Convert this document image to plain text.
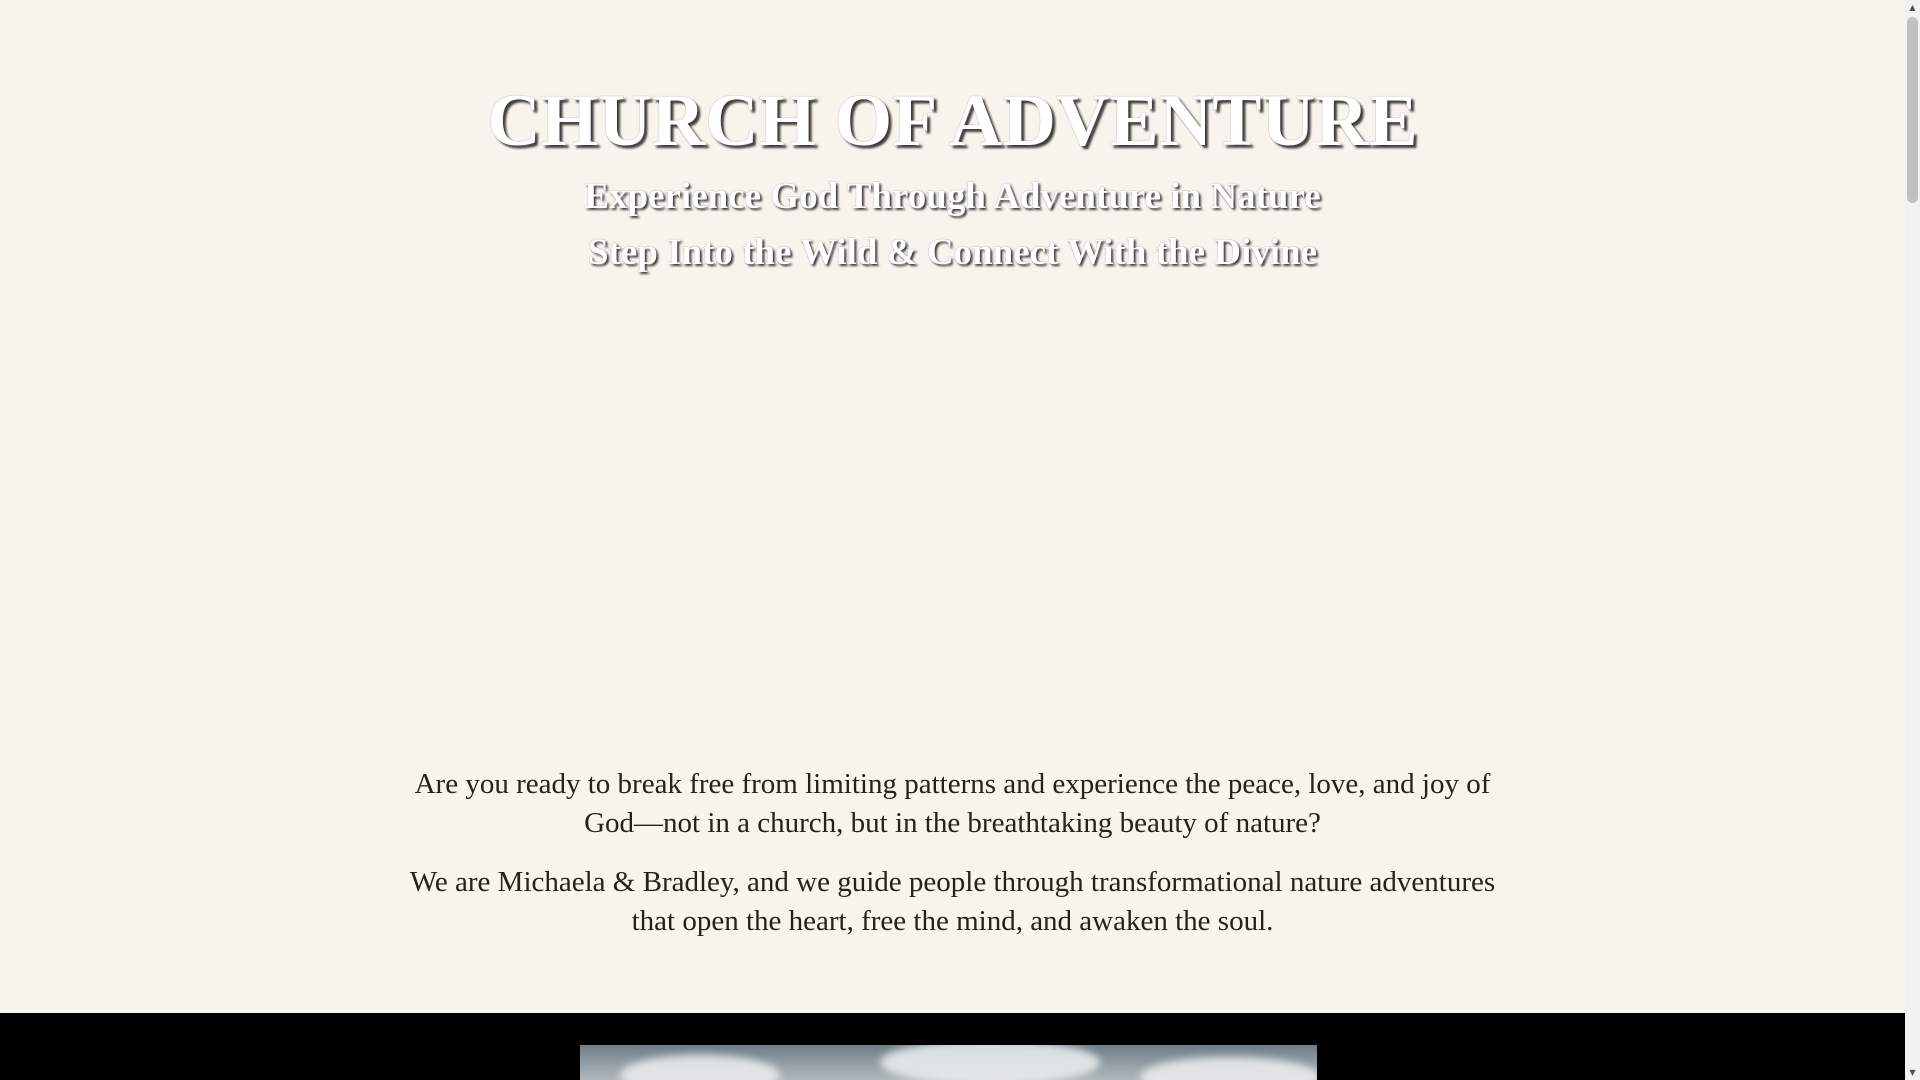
CHURCH OF ADVENTURE
Experience God Through Adventure in Nature
Step Into the Wild & Connect With the Divine

Are you ready to break free from limiting patterns and experience the peace, love, and joy of God—not in a church, but in the breathtaking beauty of nature?

We are Michaela & Bradley, and we guide people through transformational nature adventures that open the heart, free the mind, and awaken the soul.

▲
▼
